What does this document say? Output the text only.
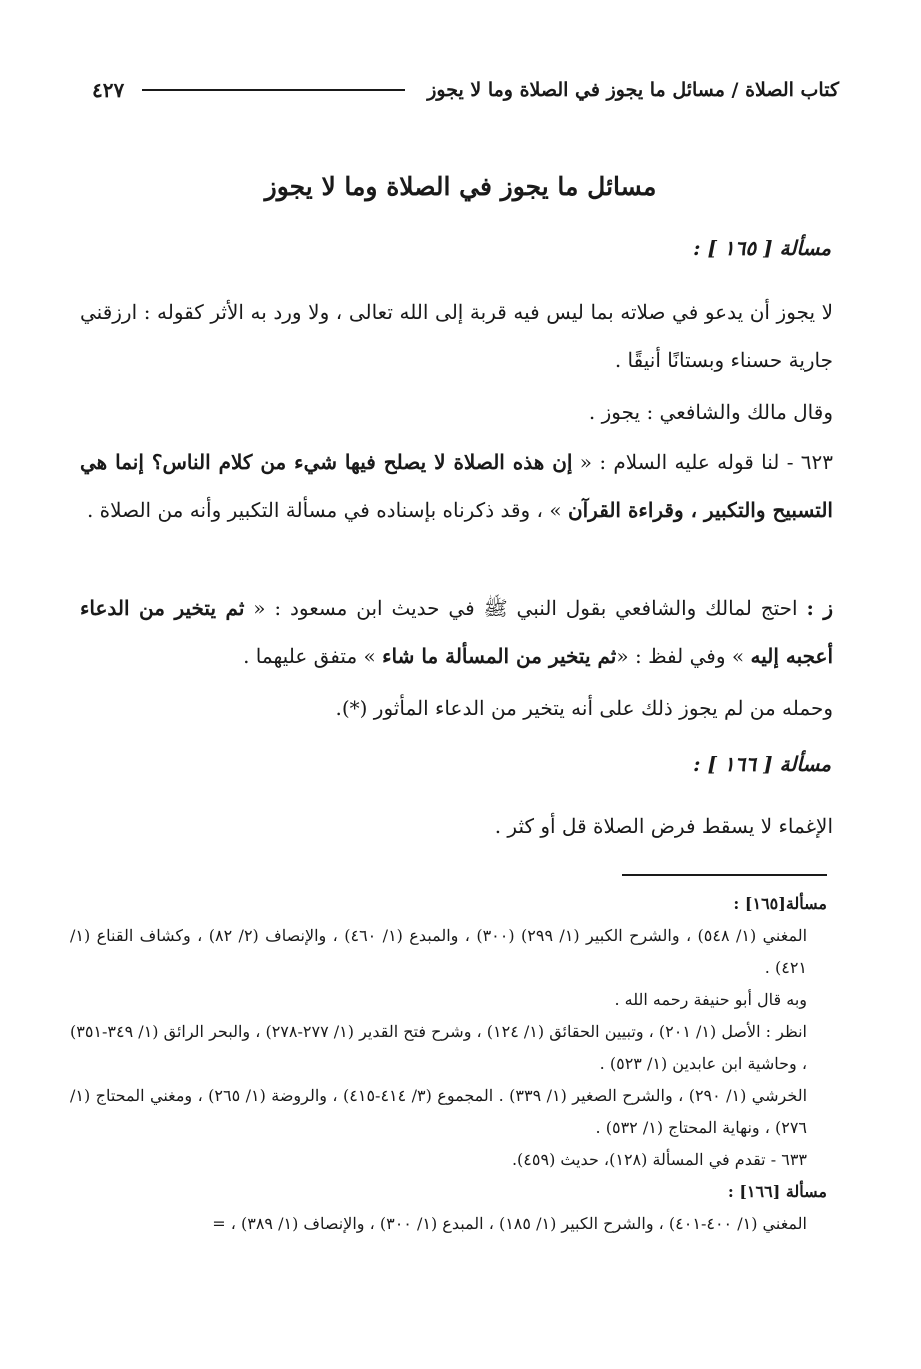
كتاب الصلاة / مسائل ما يجوز في الصلاة وما لا يجوز
٤٢٧
مسائل ما يجوز في الصلاة وما لا يجوز
مسألة [ ١٦٥ ] :
لا يجوز أن يدعو في صلاته بما ليس فيه قربة إلى الله تعالى ، ولا ورد به الأثر كقوله : ارزقني جارية حسناء وبستانًا أنيقًا .
وقال مالك والشافعي : يجوز .
٦٢٣ - لنا قوله عليه السلام : « إن هذه الصلاة لا يصلح فيها شيء من كلام الناس؟ إنما هي التسبيح والتكبير ، وقراءة القرآن » ، وقد ذكرناه بإسناده في مسألة التكبير وأنه من الصلاة .
ز : احتج لمالك والشافعي بقول النبي ﷺ في حديث ابن مسعود : « ثم يتخير من الدعاء أعجبه إليه » وفي لفظ : «ثم يتخير من المسألة ما شاء » متفق عليهما .
وحمله من لم يجوز ذلك على أنه يتخير من الدعاء المأثور (*).
مسألة [ ١٦٦ ] :
الإغماء لا يسقط فرض الصلاة قل أو كثر .
مسألة[١٦٥] :
المغني (١/ ٥٤٨) ، والشرح الكبير (١/ ٢٩٩) (٣٠٠) ، والمبدع (١/ ٤٦٠) ، والإنصاف (٢/ ٨٢) ، وكشاف القناع (١/ ٤٢١) .
وبه قال أبو حنيفة رحمه الله .
انظر : الأصل (١/ ٢٠١) ، وتبيين الحقائق (١/ ١٢٤) ، وشرح فتح القدير (١/ ٢٧٧-٢٧٨) ، والبحر الرائق (١/ ٣٤٩-٣٥١) ، وحاشية ابن عابدين (١/ ٥٢٣) .
الخرشي (١/ ٢٩٠) ، والشرح الصغير (١/ ٣٣٩) . المجموع (٣/ ٤١٤-٤١٥) ، والروضة (١/ ٢٦٥) ، ومغني المحتاج (١/ ٢٧٦) ، ونهاية المحتاج (١/ ٥٣٢) .
٦٣٣ - تقدم في المسألة (١٢٨)، حديث (٤٥٩).
مسألة [١٦٦] :
المغني (١/ ٤٠٠-٤٠١) ، والشرح الكبير (١/ ١٨٥) ، المبدع (١/ ٣٠٠) ، والإنصاف (١/ ٣٨٩) ، =
